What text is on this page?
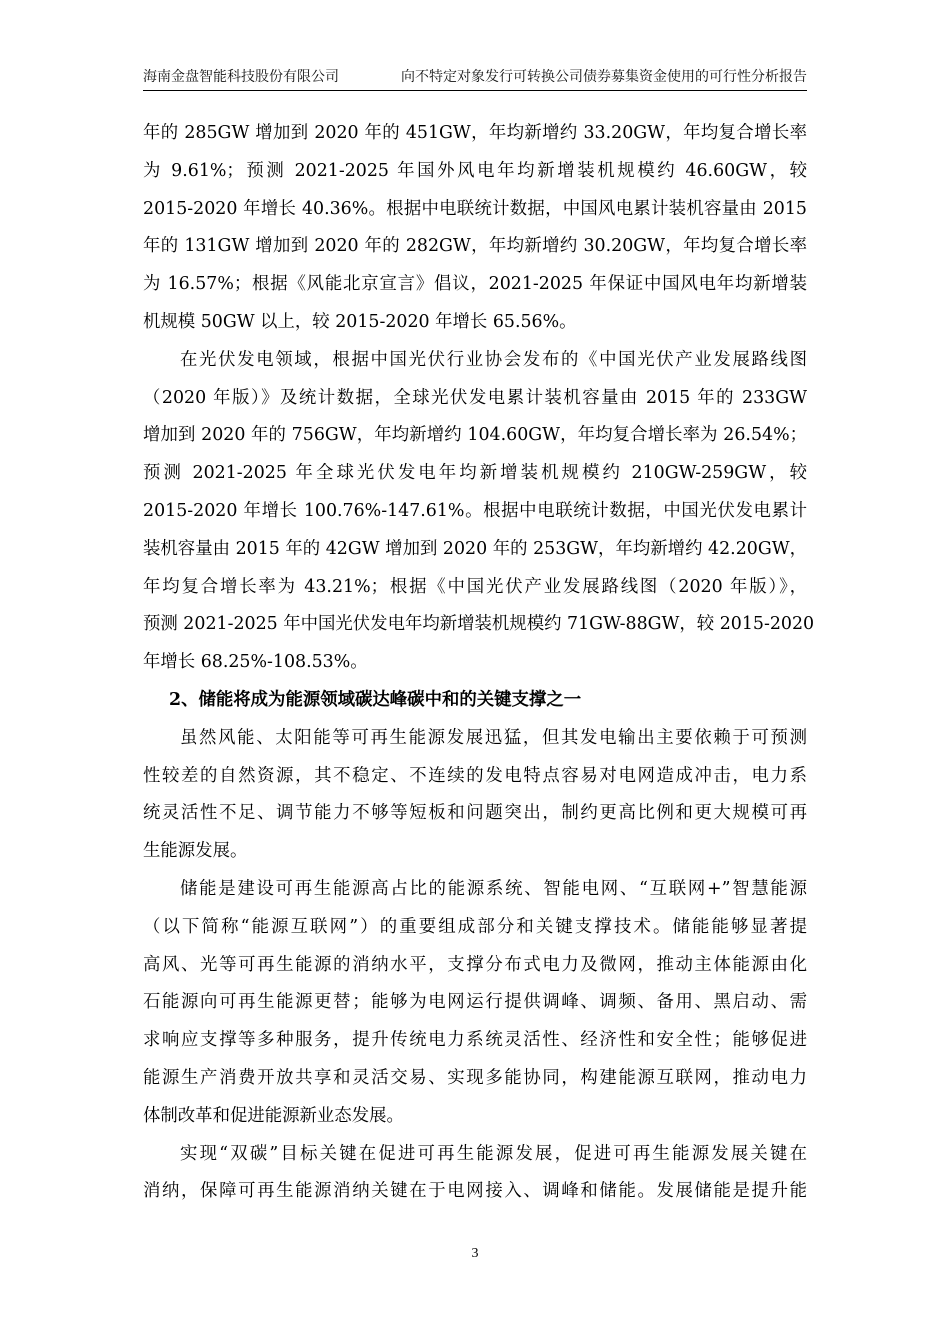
海南金盘智能科技股份有限公司	向不特定对象发行可转换公司债券募集资金使用的可行性分析报告
年的 285GW 增加到 2020 年的 451GW，年均新增约 33.20GW，年均复合增长率
为 9.61%；预测 2021-2025 年国外风电年均新增装机规模约 46.60GW，较
2015-2020 年增长 40.36%。根据中电联统计数据，中国风电累计装机容量由 2015
年的 131GW 增加到 2020 年的 282GW，年均新增约 30.20GW，年均复合增长率
为 16.57%；根据《风能北京宣言》倡议，2021-2025 年保证中国风电年均新增装
机规模 50GW 以上，较 2015-2020 年增长 65.56%。
在光伏发电领域，根据中国光伏行业协会发布的《中国光伏产业发展路线图
（2020 年版）》及统计数据，全球光伏发电累计装机容量由 2015 年的 233GW
增加到 2020 年的 756GW，年均新增约 104.60GW，年均复合增长率为 26.54%；
预测 2021-2025 年全球光伏发电年均新增装机规模约 210GW-259GW，较
2015-2020 年增长 100.76%-147.61%。根据中电联统计数据，中国光伏发电累计
装机容量由 2015 年的 42GW 增加到 2020 年的 253GW，年均新增约 42.20GW，
年均复合增长率为 43.21%；根据《中国光伏产业发展路线图（2020 年版）》，
预测 2021-2025 年中国光伏发电年均新增装机规模约 71GW-88GW，较 2015-2020
年增长 68.25%-108.53%。
2、储能将成为能源领域碳达峰碳中和的关键支撑之一
虽然风能、太阳能等可再生能源发展迅猛，但其发电输出主要依赖于可预测
性较差的自然资源，其不稳定、不连续的发电特点容易对电网造成冲击，电力系
统灵活性不足、调节能力不够等短板和问题突出，制约更高比例和更大规模可再
生能源发展。
储能是建设可再生能源高占比的能源系统、智能电网、“互联网+”智慧能源
（以下简称“能源互联网”）的重要组成部分和关键支撑技术。储能能够显著提
高风、光等可再生能源的消纳水平，支撑分布式电力及微网，推动主体能源由化
石能源向可再生能源更替；能够为电网运行提供调峰、调频、备用、黑启动、需
求响应支撑等多种服务，提升传统电力系统灵活性、经济性和安全性；能够促进
能源生产消费开放共享和灵活交易、实现多能协同，构建能源互联网，推动电力
体制改革和促进能源新业态发展。
实现“双碳”目标关键在促进可再生能源发展，促进可再生能源发展关键在
消纳，保障可再生能源消纳关键在于电网接入、调峰和储能。发展储能是提升能
3
